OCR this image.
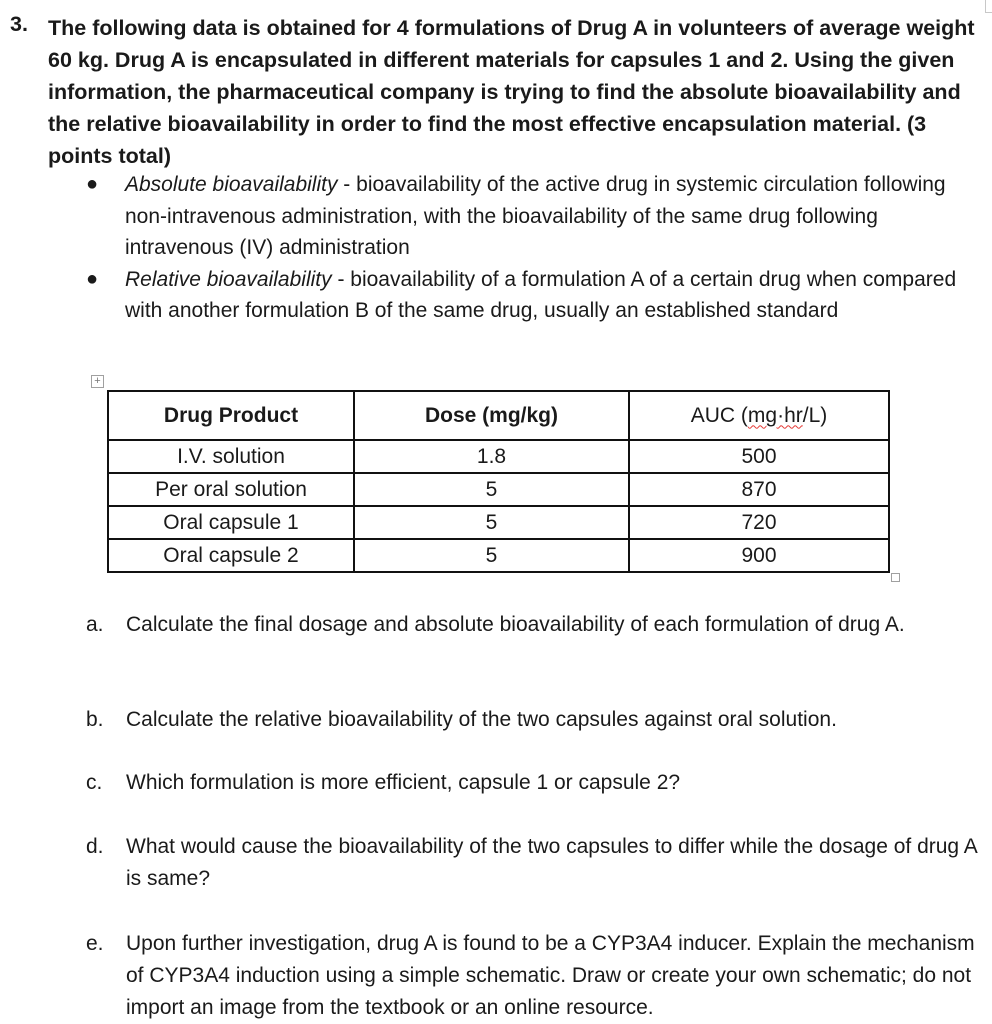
3. The following data is obtained for 4 formulations of Drug A in volunteers of average weight 60 kg. Drug A is encapsulated in different materials for capsules 1 and 2. Using the given information, the pharmaceutical company is trying to find the absolute bioavailability and the relative bioavailability in order to find the most effective encapsulation material. (3 points total)

● Absolute bioavailability - bioavailability of the active drug in systemic circulation following non-intravenous administration, with the bioavailability of the same drug following intravenous (IV) administration
● Relative bioavailability - bioavailability of a formulation A of a certain drug when compared with another formulation B of the same drug, usually an established standard
+
Drug Product	Dose (mg/kg)	AUC (mg·hr/L)
I.V. solution	1.8	500
Per oral solution	5	870
Oral capsule 1	5	720
Oral capsule 2	5	900
a. Calculate the final dosage and absolute bioavailability of each formulation of drug A.
b. Calculate the relative bioavailability of the two capsules against oral solution.
c. Which formulation is more efficient, capsule 1 or capsule 2?
d. What would cause the bioavailability of the two capsules to differ while the dosage of drug A is same?
e. Upon further investigation, drug A is found to be a CYP3A4 inducer. Explain the mechanism of CYP3A4 induction using a simple schematic. Draw or create your own schematic; do not import an image from the textbook or an online resource.
